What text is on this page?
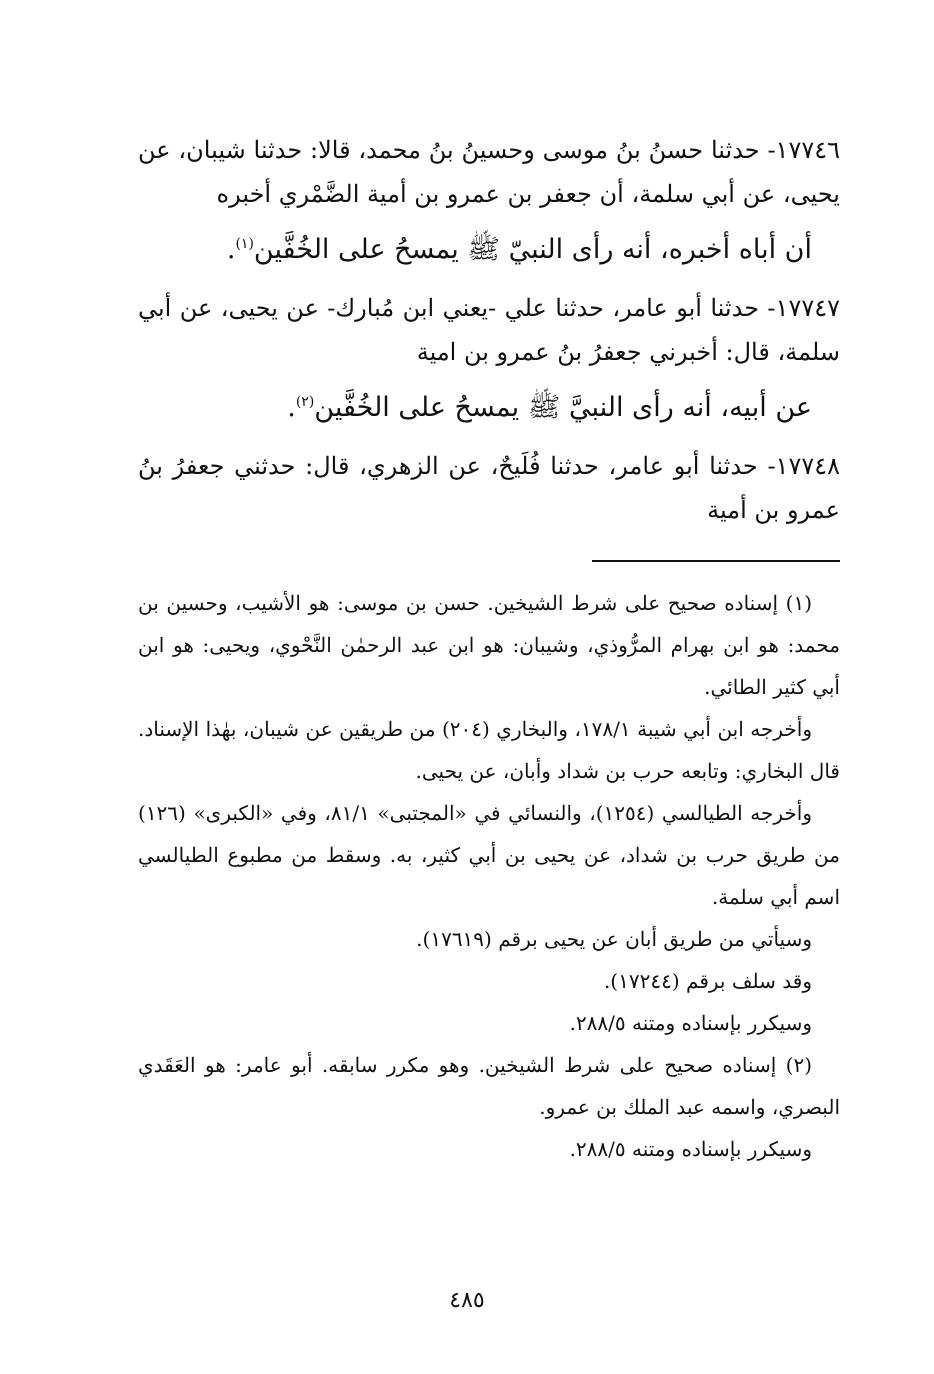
١٧٧٤٦- حدثنا حسنُ بنُ موسى وحسينُ بنُ محمد، قالا: حدثنا شيبان، عن يحيى، عن أبي سلمة، أن جعفر بن عمرو بن أمية الضَّمْري أخبره

أن أباه أخبره، أنه رأى النبيّ ﷺ يمسحُ على الخُفَّين$^{(١)}$.

١٧٧٤٧- حدثنا أبو عامر، حدثنا علي -يعني ابن مُبارك- عن يحيى، عن أبي سلمة، قال: أخبرني جعفرُ بنُ عمرو بن امية

عن أبيه، أنه رأى النبيَّ ﷺ يمسحُ على الخُفَّين$^{(٢)}$.

١٧٧٤٨- حدثنا أبو عامر، حدثنا فُلَيحٌ، عن الزهري، قال: حدثني جعفرُ بنُ عمرو بن أمية

(١) إسناده صحيح على شرط الشيخين. حسن بن موسى: هو الأشيب، وحسين بن محمد: هو ابن بهرام المرُّوذي، وشيبان: هو ابن عبد الرحمٰن النَّحْوي، ويحيى: هو ابن أبي كثير الطائي.

وأخرجه ابن أبي شيبة ١٧٨/١، والبخاري (٢٠٤) من طريقين عن شيبان، بهٰذا الإسناد. قال البخاري: وتابعه حرب بن شداد وأبان، عن يحيى.

وأخرجه الطيالسي (١٢٥٤)، والنسائي في «المجتبى» ٨١/١، وفي «الكبرى» (١٢٦) من طريق حرب بن شداد، عن يحيى بن أبي كثير، به. وسقط من مطبوع الطيالسي اسم أبي سلمة.

وسيأتي من طريق أبان عن يحيى برقم (١٧٦١٩).

وقد سلف برقم (١٧٢٤٤).

وسيكرر بإسناده ومتنه ٢٨٨/٥.

(٢) إسناده صحيح على شرط الشيخين. وهو مكرر سابقه. أبو عامر: هو العَقَدي البصري، واسمه عبد الملك بن عمرو.

وسيكرر بإسناده ومتنه ٢٨٨/٥.

٤٨٥
